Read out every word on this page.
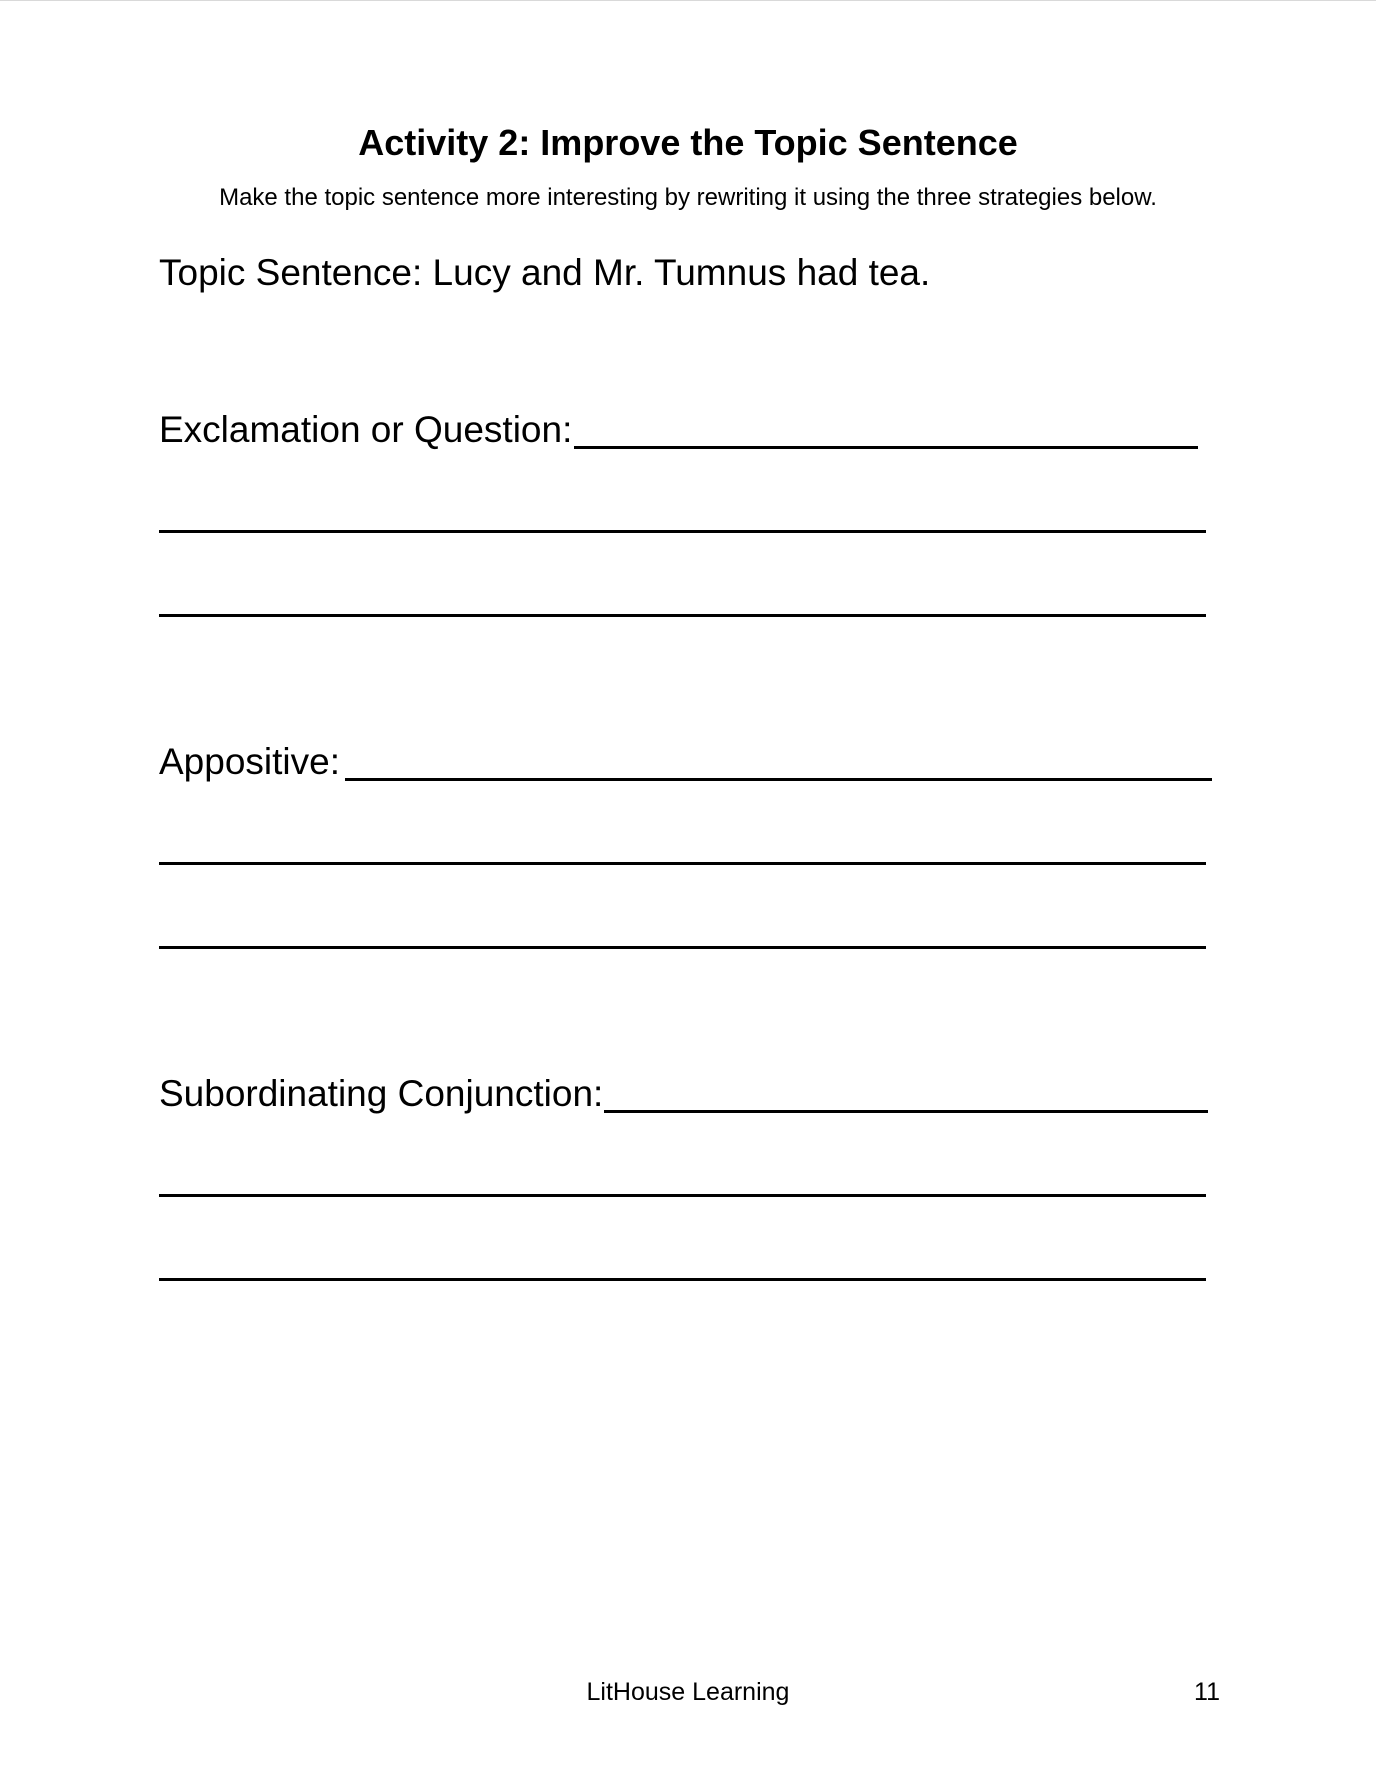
Activity 2: Improve the Topic Sentence
Make the topic sentence more interesting by rewriting it using the three strategies below.
Topic Sentence: Lucy and Mr. Tumnus had tea.
Exclamation or Question:
Appositive:
Subordinating Conjunction:
LitHouse Learning	11
